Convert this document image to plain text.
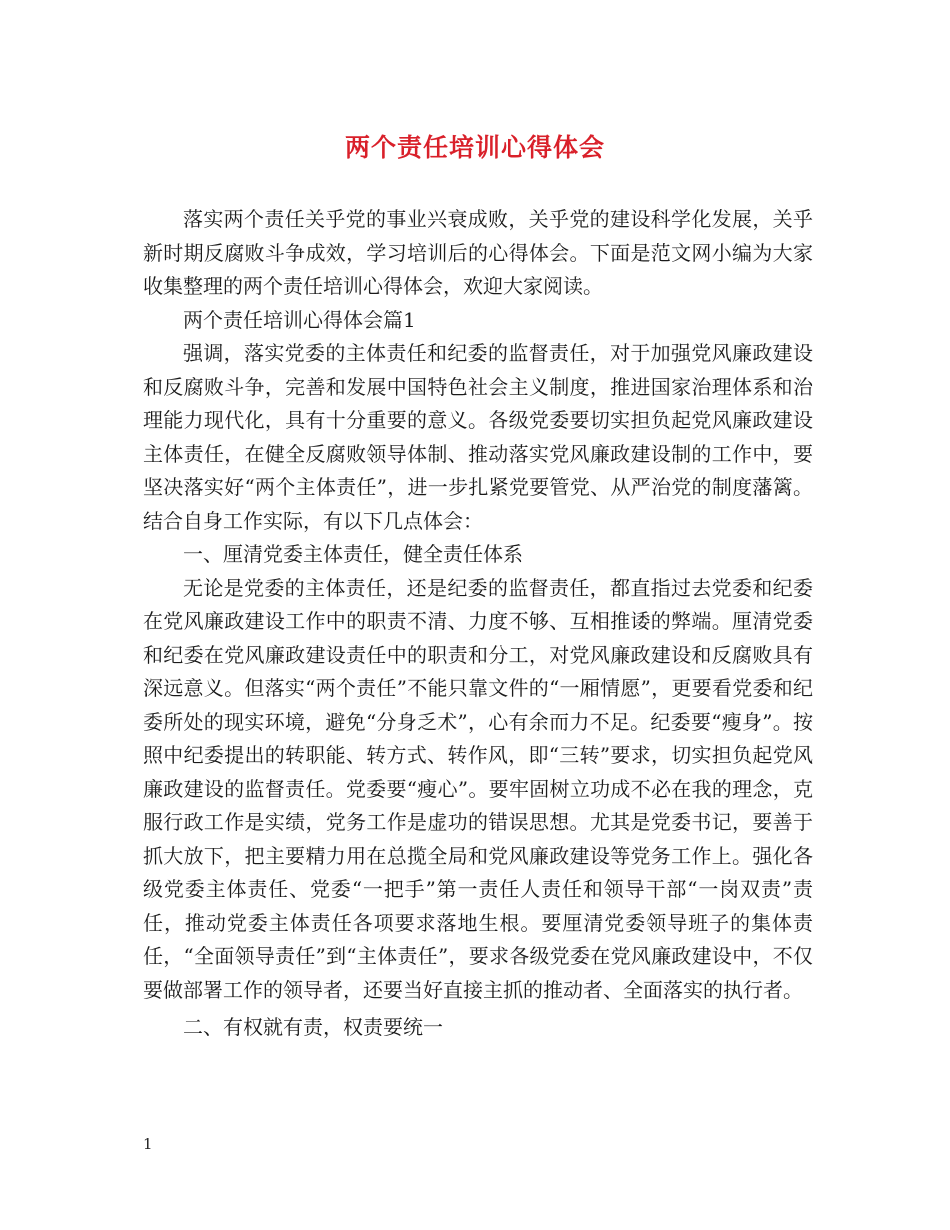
两个责任培训心得体会

落实两个责任关乎党的事业兴衰成败，关乎党的建设科学化发展，关乎新时期反腐败斗争成效，学习培训后的心得体会。下面是范文网小编为大家收集整理的两个责任培训心得体会，欢迎大家阅读。

两个责任培训心得体会篇1

强调，落实党委的主体责任和纪委的监督责任，对于加强党风廉政建设和反腐败斗争，完善和发展中国特色社会主义制度，推进国家治理体系和治理能力现代化，具有十分重要的意义。各级党委要切实担负起党风廉政建设主体责任，在健全反腐败领导体制、推动落实党风廉政建设制的工作中，要坚决落实好“两个主体责任”，进一步扎紧党要管党、从严治党的制度藩篱。结合自身工作实际，有以下几点体会：

一、厘清党委主体责任，健全责任体系

无论是党委的主体责任，还是纪委的监督责任，都直指过去党委和纪委在党风廉政建设工作中的职责不清、力度不够、互相推诿的弊端。厘清党委和纪委在党风廉政建设责任中的职责和分工，对党风廉政建设和反腐败具有深远意义。但落实“两个责任”不能只靠文件的“一厢情愿”，更要看党委和纪委所处的现实环境，避免“分身乏术”，心有余而力不足。纪委要“瘦身”。按照中纪委提出的转职能、转方式、转作风，即“三转”要求，切实担负起党风廉政建设的监督责任。党委要“瘦心”。要牢固树立功成不必在我的理念，克服行政工作是实绩，党务工作是虚功的错误思想。尤其是党委书记，要善于抓大放下，把主要精力用在总揽全局和党风廉政建设等党务工作上。强化各级党委主体责任、党委“一把手”第一责任人责任和领导干部“一岗双责”责任，推动党委主体责任各项要求落地生根。要厘清党委领导班子的集体责任，“全面领导责任”到“主体责任”，要求各级党委在党风廉政建设中，不仅要做部署工作的领导者，还要当好直接主抓的推动者、全面落实的执行者。

二、有权就有责，权责要统一

1
